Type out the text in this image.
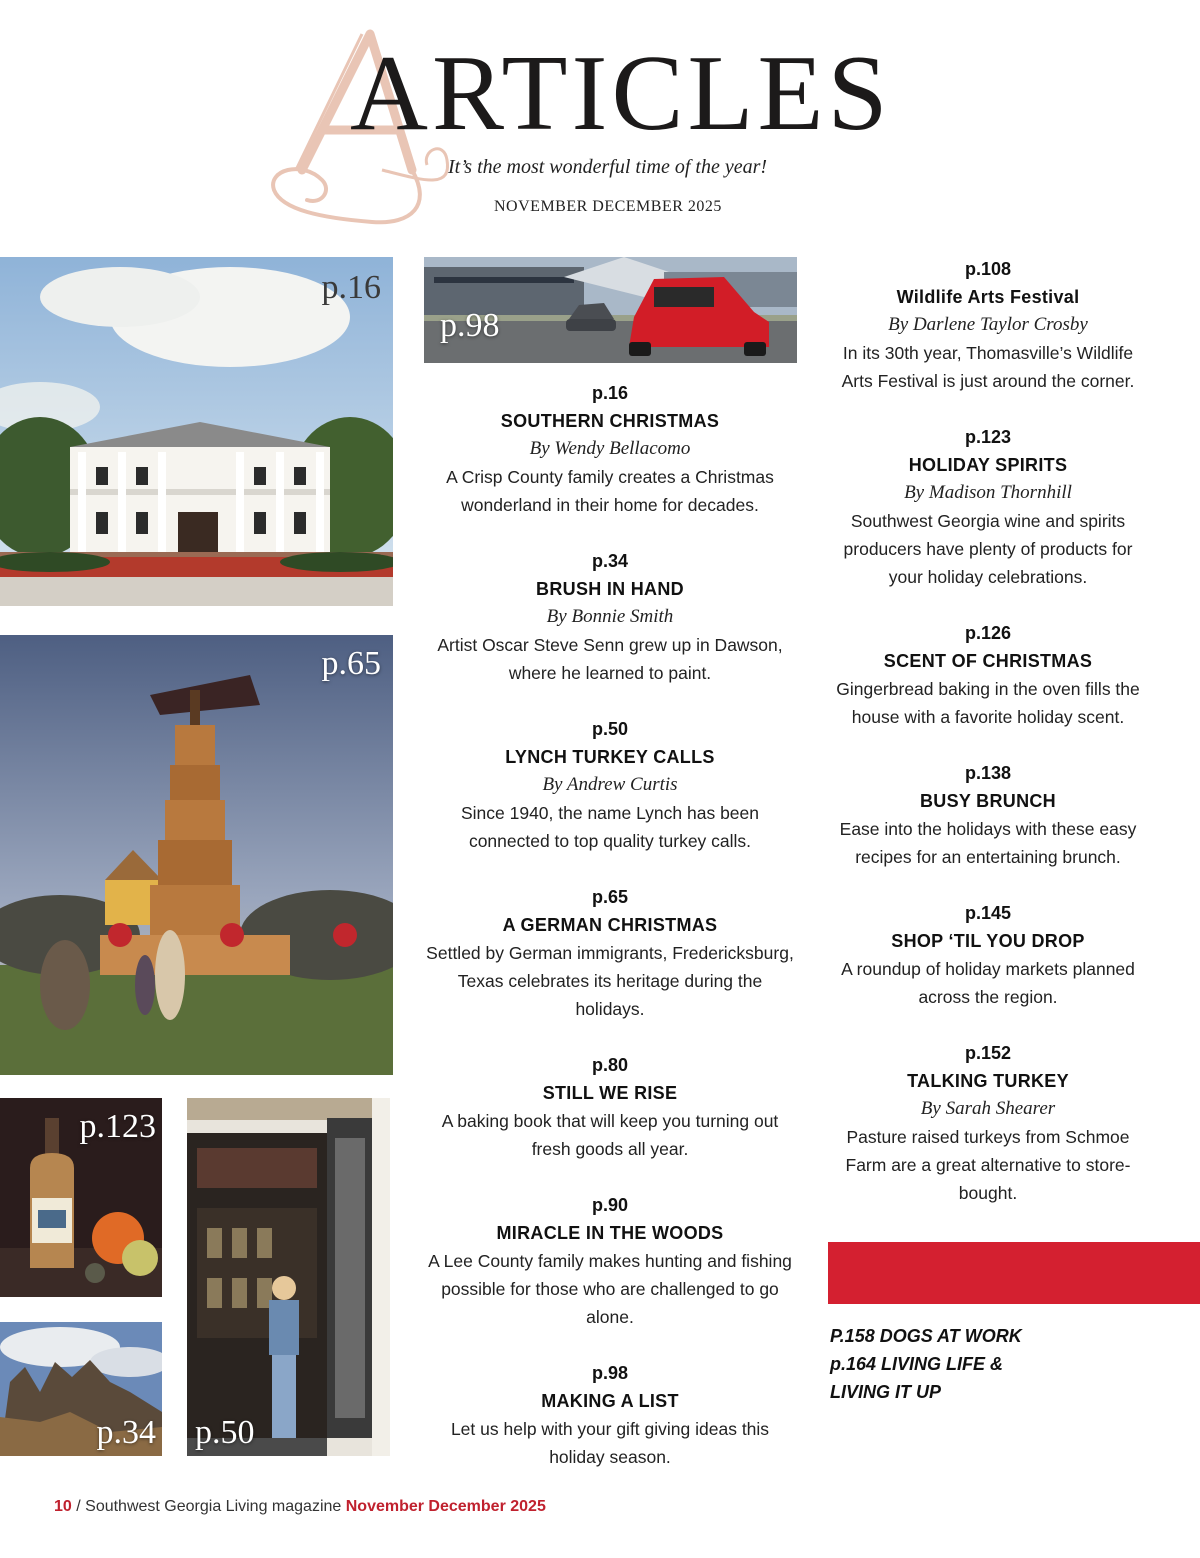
ARTICLES
It’s the most wonderful time of the year!
NOVEMBER DECEMBER 2025
p.16
p.65
p.98
p.123
p.34 p.50
p.16
SOUTHERN CHRISTMAS
By Wendy Bellacomo
A Crisp County family creates a Christmas wonderland in their home for decades.
p.34
BRUSH IN HAND
By Bonnie Smith
Artist Oscar Steve Senn grew up in Dawson, where he learned to paint.
p.50
LYNCH TURKEY CALLS
By Andrew Curtis
Since 1940, the name Lynch has been connected to top quality turkey calls.
p.65
A GERMAN CHRISTMAS
Settled by German immigrants, Fredericksburg, Texas celebrates its heritage during the holidays.
p.80
STILL WE RISE
A baking book that will keep you turning out fresh goods all year.
p.90
MIRACLE IN THE WOODS
A Lee County family makes hunting and fishing possible for those who are challenged to go alone.
p.98
MAKING A LIST
Let us help with your gift giving ideas this holiday season.
p.108
Wildlife Arts Festival
By Darlene Taylor Crosby
In its 30th year, Thomasville’s Wildlife Arts Festival is just around the corner.
p.123
HOLIDAY SPIRITS
By Madison Thornhill
Southwest Georgia wine and spirits producers have plenty of products for your holiday celebrations.
p.126
SCENT OF CHRISTMAS
Gingerbread baking in the oven fills the house with a favorite holiday scent.
p.138
BUSY BRUNCH
Ease into the holidays with these easy recipes for an entertaining brunch.
p.145
SHOP ‘TIL YOU DROP
A roundup of holiday markets planned across the region.
p.152
TALKING TURKEY
By Sarah Shearer
Pasture raised turkeys from Schmoe Farm are a great alternative to store-bought.
P.158 DOGS AT WORK
p.164 LIVING LIFE &
LIVING IT UP
10 / Southwest Georgia Living magazine November December 2025
